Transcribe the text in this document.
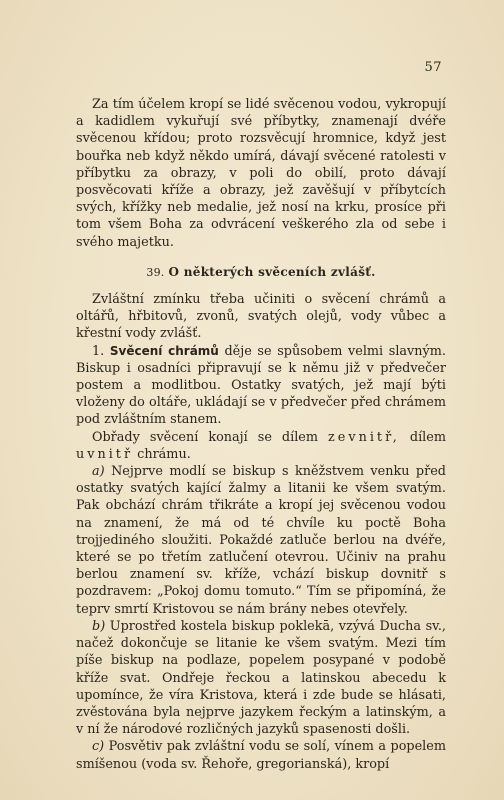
57

Za tím účelem kropí se lidé svěcenou vodou, vykropují a kadidlem vykuřují své příbytky, znamenají dvéře svěcenou křídou; proto rozsvěcují hromnice, když jest bouřka neb když někdo umírá, dávají svěcené ratolesti v příbytku za obrazy, v poli do obilí, proto dávají posvěcovati kříže a obrazy, jež zavěšují v příbytcích svých, křížky neb medalie, jež nosí na krku, prosíce při tom všem Boha za odvrácení veškerého zla od sebe i svého majetku.

39. O některých svěceních zvlášť.

Zvláštní zmínku třeba učiniti o svěcení chrámů a oltářů, hřbitovů, zvonů, svatých olejů, vody vůbec a křestní vody zvlášť.

1. Svěcení chrámů děje se spůsobem velmi slavným. Biskup i osadníci připravují se k němu již v předvečer postem a modlitbou. Ostatky svatých, jež mají býti vloženy do oltáře, ukládají se v předvečer před chrámem pod zvláštním stanem.

Obřady svěcení konají se dílem zevnitř, dílem uvnitř chrámu.

a) Nejprve modlí se biskup s kněžstvem venku před ostatky svatých kající žalmy a litanii ke všem svatým. Pak obchází chrám třikráte a kropí jej svěcenou vodou na znamení, že má od té chvíle ku poctě Boha trojjediného sloužiti. Pokaždé zatluče berlou na dvéře, které se po třetím zatlučení otevrou. Učiniv na prahu berlou znamení sv. kříže, vchází biskup dovnitř s pozdravem: „Pokoj domu tomuto.“ Tím se připomíná, že teprv smrtí Kristovou se nám brány nebes otevřely.

b) Uprostřed kostela biskup poklekā, vzývá Ducha sv., načež dokončuje se litanie ke všem svatým. Mezi tím píše biskup na podlaze, popelem posypané v podobě kříže svat. Ondřeje řeckou a latinskou abecedu k upomínce, že víra Kristova, která i zde bude se hlásati, zvěstována byla nejprve jazykem řeckým a latinským, a v ní že národové rozličných jazyků spasenosti došli.

c) Posvětiv pak zvláštní vodu se solí, vínem a popelem smíšenou (voda sv. Řehoře, gregorianská), kropí
